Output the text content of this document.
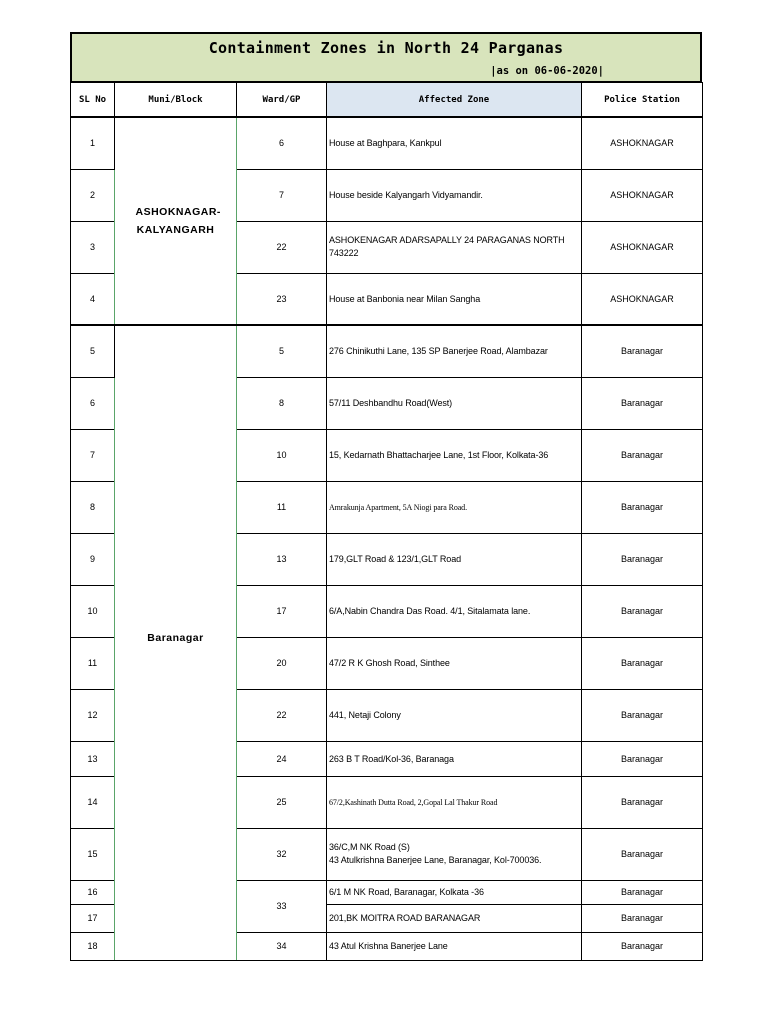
Containment Zones in North 24 Parganas
|as on 06-06-2020|
SL No	Muni/Block	Ward/GP	Affected Zone	Police Station
1	ASHOKNAGAR-KALYANGARH	6	House at Baghpara, Kankpul	ASHOKNAGAR
2		7	House beside Kalyangarh Vidyamandir.	ASHOKNAGAR
3		22	ASHOKENAGAR ADARSAPALLY 24 PARAGANAS NORTH 743222	ASHOKNAGAR
4		23	House at Banbonia near Milan Sangha	ASHOKNAGAR
5	Baranagar	5	276 Chinikuthi Lane, 135 SP Banerjee Road, Alambazar	Baranagar
6		8	57/11 Deshbandhu Road(West)	Baranagar
7		10	15, Kedarnath Bhattacharjee Lane, 1st Floor, Kolkata-36	Baranagar
8		11	Amrakunja Apartment, 5A Niogi para Road.	Baranagar
9		13	179,GLT Road & 123/1,GLT Road	Baranagar
10		17	6/A,Nabin Chandra Das Road. 4/1, Sitalamata lane.	Baranagar
11		20	47/2 R K Ghosh Road, Sinthee	Baranagar
12		22	441, Netaji Colony	Baranagar
13		24	263 B T Road/Kol-36, Baranaga	Baranagar
14		25	67/2,Kashinath Dutta Road, 2,Gopal Lal Thakur Road	Baranagar
15		32	36/C,M NK Road (S)
43 Atulkrishna Banerjee Lane, Baranagar, Kol-700036.	Baranagar
16		33	6/1 M NK Road, Baranagar, Kolkata -36	Baranagar
17			201,BK MOITRA ROAD BARANAGAR	Baranagar
18		34	43 Atul Krishna Banerjee Lane	Baranagar
